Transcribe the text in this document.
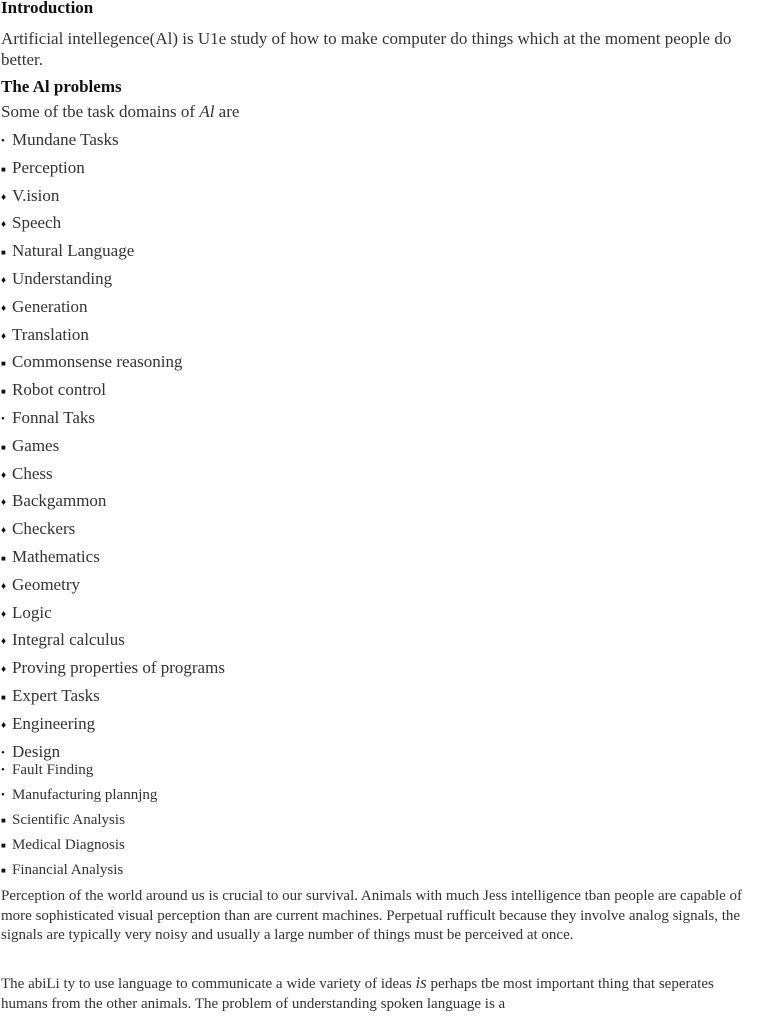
Introduction

Artificial intellegence(Al) is U1e study of how to make computer do things which at the moment people do better.

The Al problems

Some of tbe task domains of Al are

• Mundane Tasks
■ Perception
♦ V.ision
♦ Speech
■ Natural Language
♦ Understanding
♦ Generation
♦ Translation
■ Commonsense reasoning
■ Robot control
• Fonnal Taks
■ Games
♦ Chess
♦ Backgammon
♦ Checkers
■ Mathematics
♦ Geometry
♦ Logic
♦ Integral calculus
♦ Proving properties of programs
■ Expert Tasks
♦ Engineering
• Design
• Fault Finding
• Manufacturing plannjng
■ Scientific Analysis
■ Medical Diagnosis
■ Financial Analysis

Perception of the world around us is crucial to our survival. Animals with much Jess intelligence tban people are capable of more sophisticated visual perception than are current machines. Perpetual rufficult because they involve analog signals, the signals are typically very noisy and usually a large number of things must be perceived at once.

The abiLi ty to use language to communicate a wide variety of ideas is perhaps tbe most important thing that seperates humans from the other animals. The problem of understanding spoken language is a
